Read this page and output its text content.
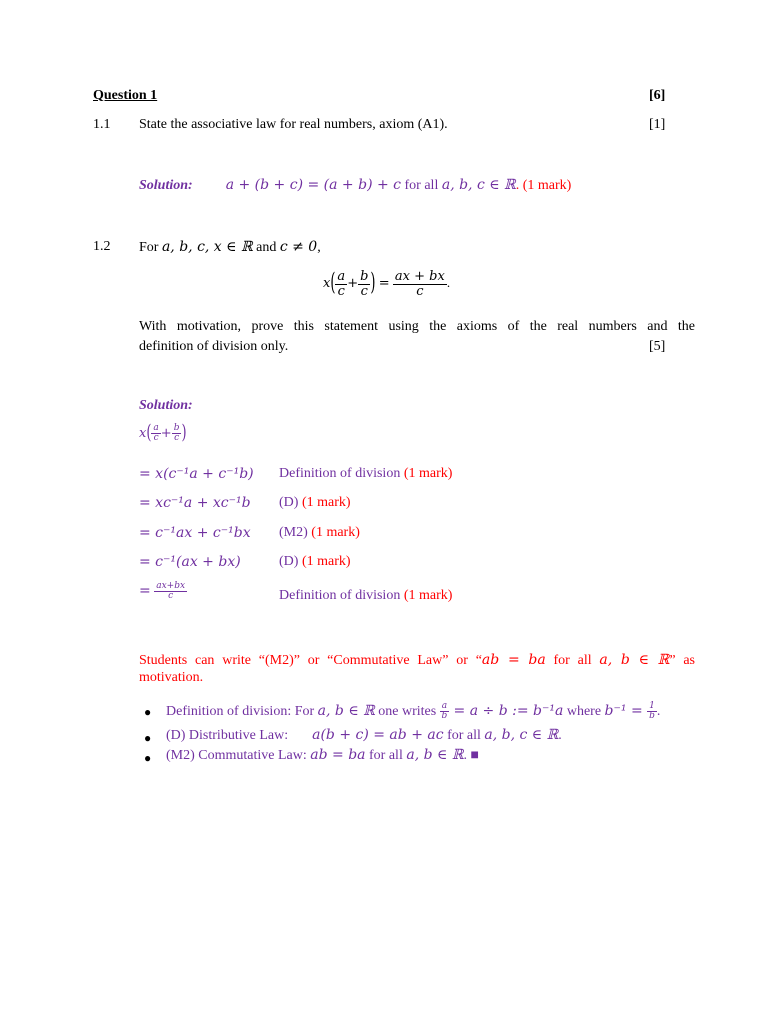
Question 1	[6]
1.1 State the associative law for real numbers, axiom (A1).	[1]
Solution: a + (b + c) = (a + b) + c for all a, b, c ∈ ℝ. (1 mark)
1.2 For a, b, c, x ∈ ℝ and c ≠ 0,
$x( \frac{a}{c} + \frac{b}{c}$ ) = $\frac{ax + bx}{c}$ .
With motivation, prove this statement using the axioms of the real numbers and the
definition of division only.	[5]
Solution:
$x( \frac{a}{c} + \frac{b}{c}$ )
= x(c⁻¹a + c⁻¹b) Definition of division (1 mark)
= xc⁻¹a + xc⁻¹b (D) (1 mark)
= c⁻¹ax + c⁻¹bx (M2) (1 mark)
= c⁻¹(ax + bx)	(D) (1 mark)
= $\frac{ax+bx}{c}$	Definition of division (1 mark)
Students can write “(M2)” or “Commutative Law” or “ab = ba for all a, b ∈ ℝ” as
motivation.
● Definition of division: For a, b ∈ ℝ one writes $\frac{a}{b} = a \div b$ := b⁻¹a where $b^{-1} = \frac{1}{b}$ .
● (D) Distributive Law: a(b + c) = ab + ac for all a, b, c ∈ ℝ.
● (M2) Commutative Law: ab = ba for all a, b ∈ ℝ. ■
